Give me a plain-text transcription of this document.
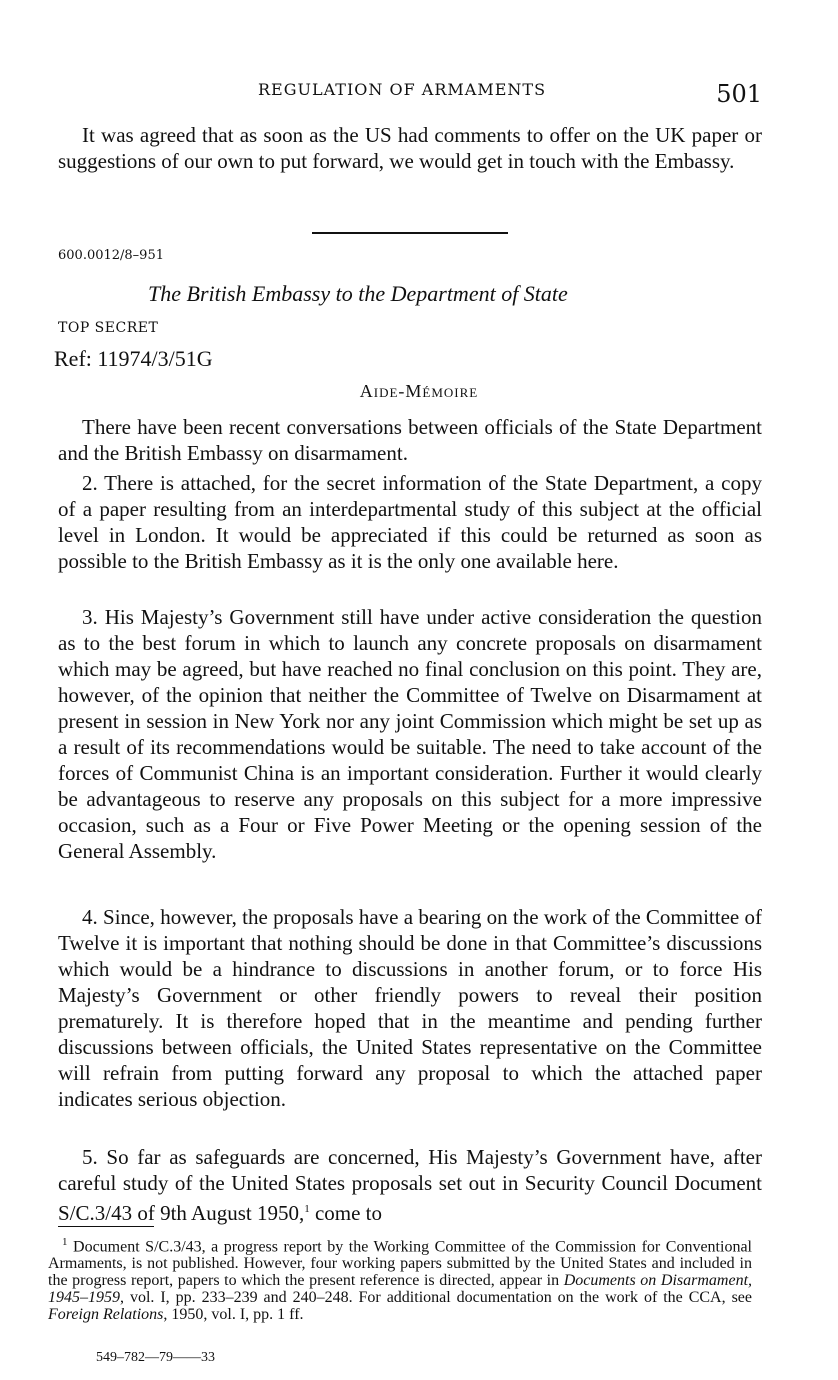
REGULATION OF ARMAMENTS	501

It was agreed that as soon as the US had comments to offer on the UK paper or suggestions of our own to put forward, we would get in touch with the Embassy.

600.0012/8–951
The British Embassy to the Department of State
TOP SECRET
Ref: 11974/3/51G
Aide-Mémoire

There have been recent conversations between officials of the State Department and the British Embassy on disarmament.

2. There is attached, for the secret information of the State Department, a copy of a paper resulting from an interdepartmental study of this subject at the official level in London. It would be appreciated if this could be returned as soon as possible to the British Embassy as it is the only one available here.

3. His Majesty’s Government still have under active consideration the question as to the best forum in which to launch any concrete proposals on disarmament which may be agreed, but have reached no final conclusion on this point. They are, however, of the opinion that neither the Committee of Twelve on Disarmament at present in session in New York nor any joint Commission which might be set up as a result of its recommendations would be suitable. The need to take account of the forces of Communist China is an important consideration. Further it would clearly be advantageous to reserve any proposals on this subject for a more impressive occasion, such as a Four or Five Power Meeting or the opening session of the General Assembly.

4. Since, however, the proposals have a bearing on the work of the Committee of Twelve it is important that nothing should be done in that Committee’s discussions which would be a hindrance to discussions in another forum, or to force His Majesty’s Government or other friendly powers to reveal their position prematurely. It is therefore hoped that in the meantime and pending further discussions between officials, the United States representative on the Committee will refrain from putting forward any proposal to which the attached paper indicates serious objection.

5. So far as safeguards are concerned, His Majesty’s Government have, after careful study of the United States proposals set out in Security Council Document S/C.3/43 of 9th August 1950,$^1$ come to

$^1$ Document S/C.3/43, a progress report by the Working Committee of the Commission for Conventional Armaments, is not published. However, four working papers submitted by the United States and included in the progress report, papers to which the present reference is directed, appear in Documents on Disarmament, 1945–1959, vol. I, pp. 233–239 and 240–248. For additional documentation on the work of the CCA, see Foreign Relations, 1950, vol. I, pp. 1 ff.

549–782—79——33
